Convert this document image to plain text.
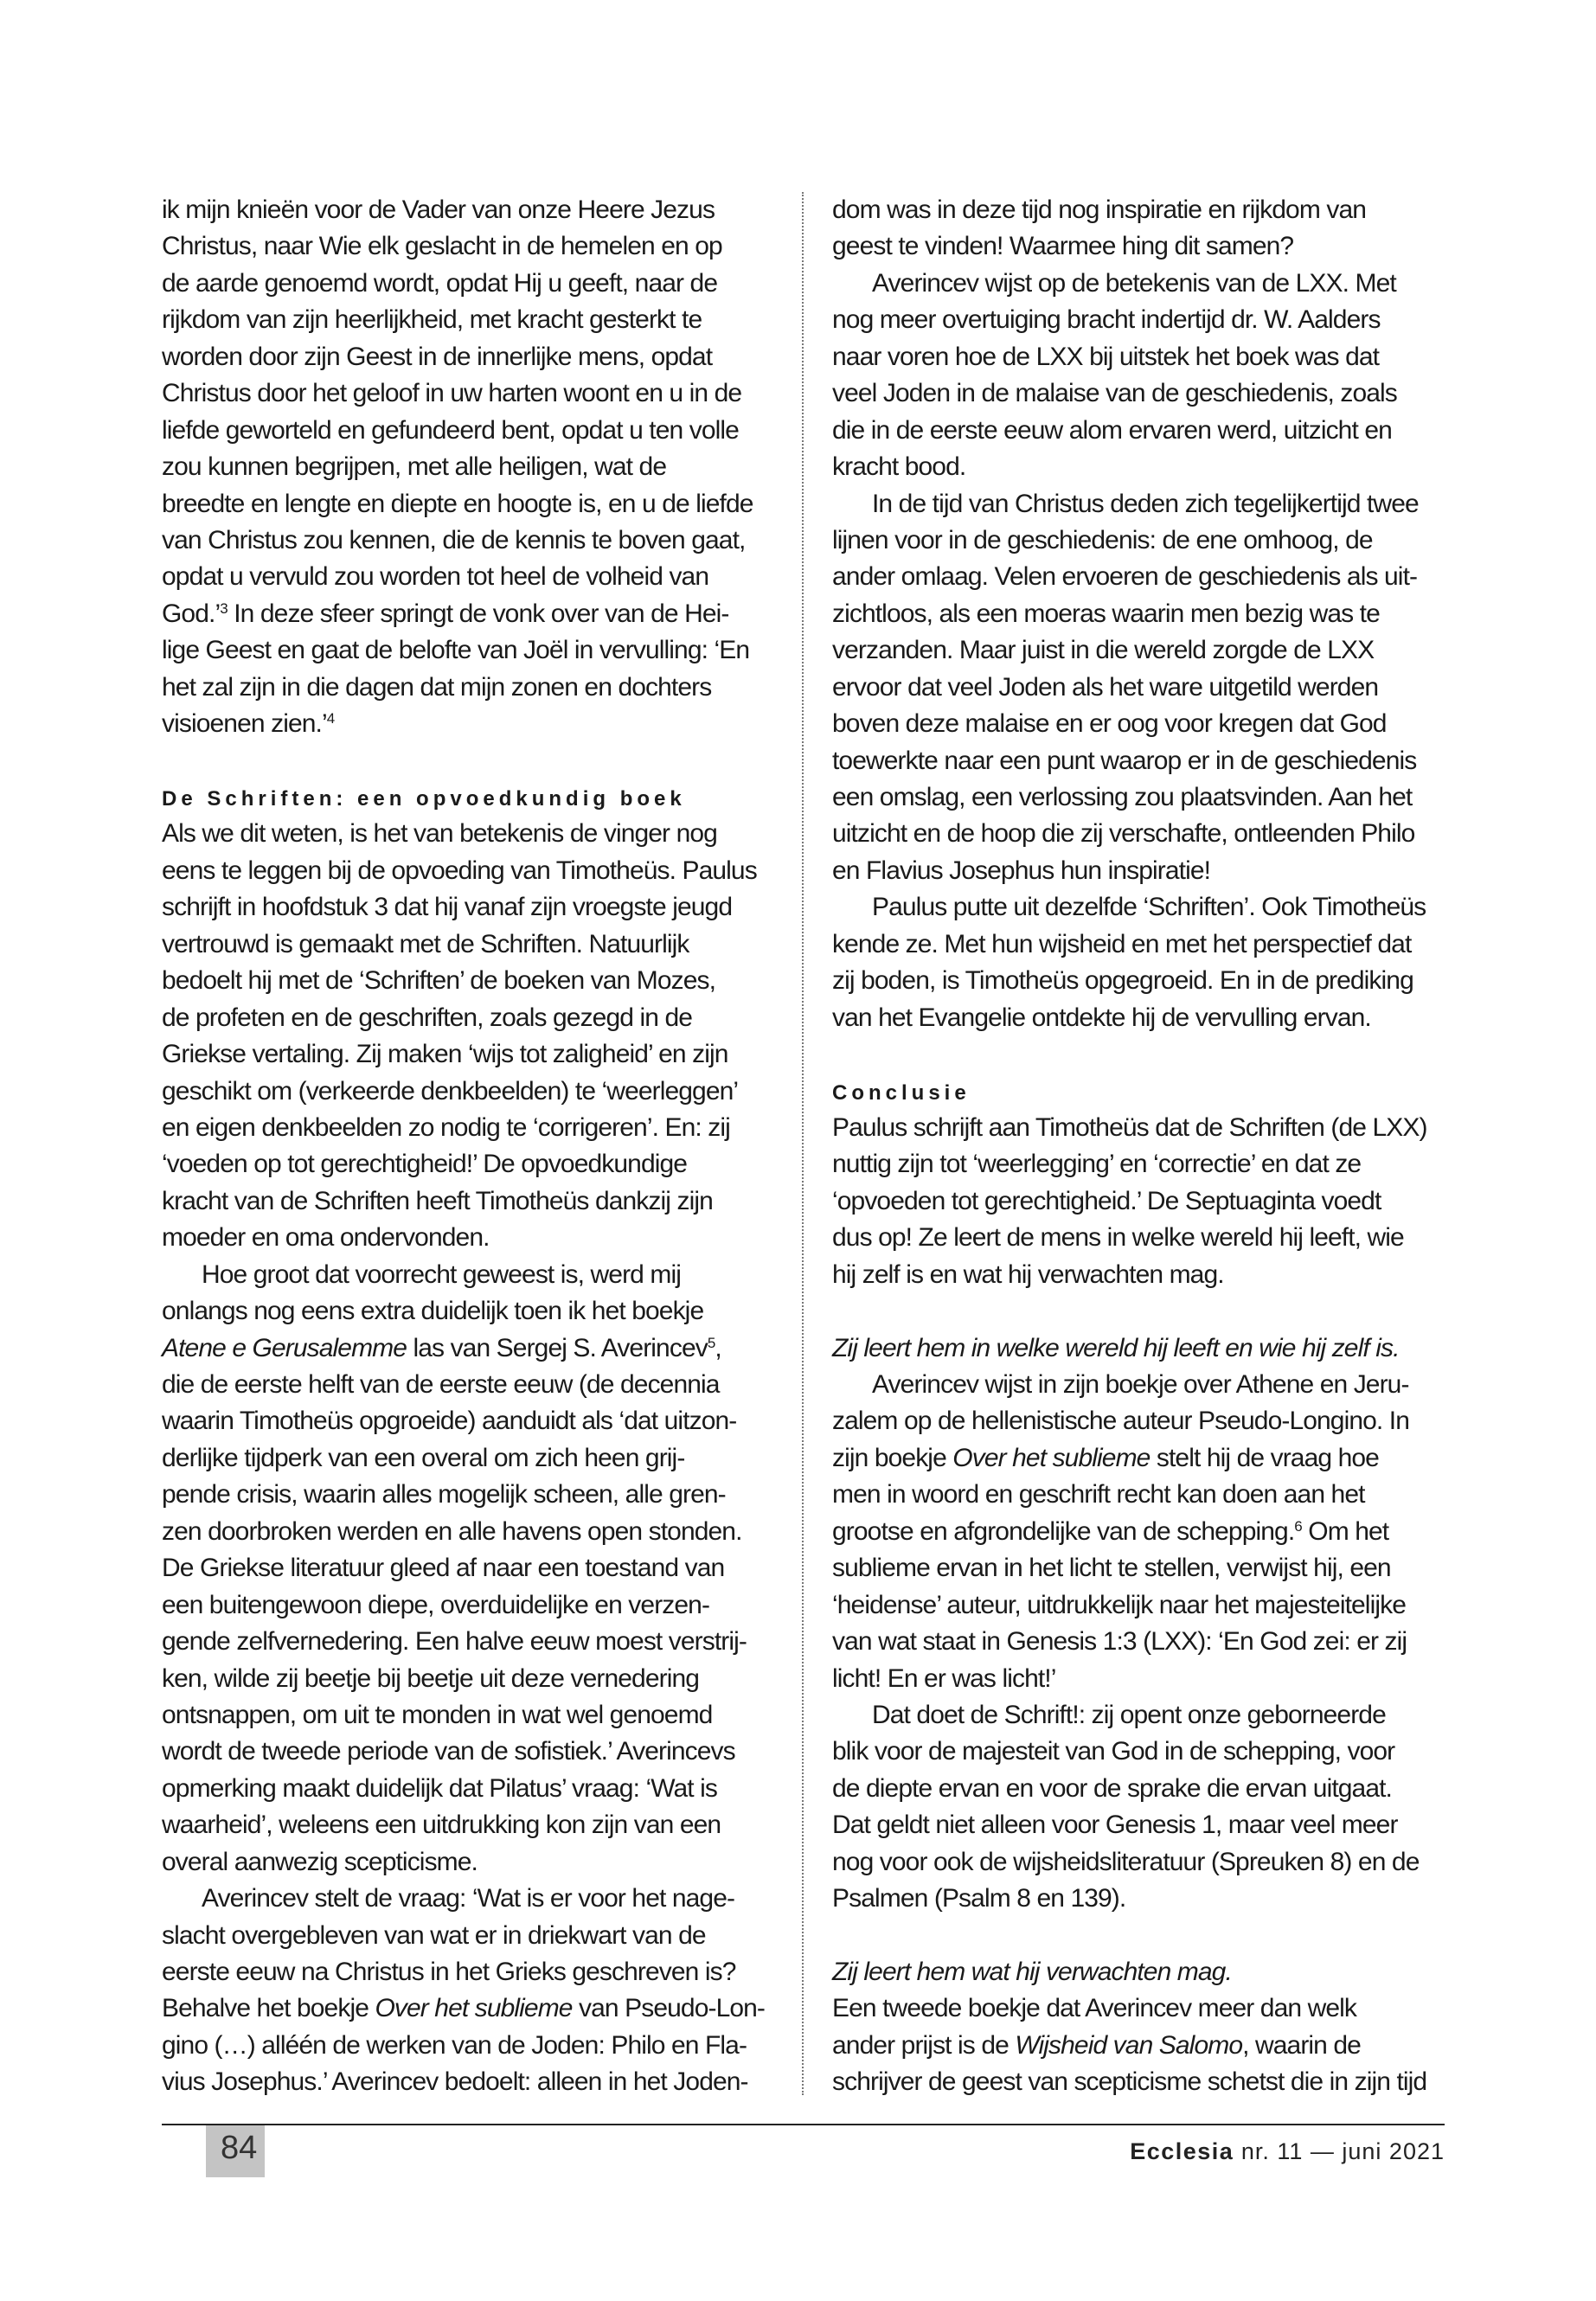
ik mijn knieën voor de Vader van onze Heere Jezus
Christus, naar Wie elk geslacht in de hemelen en op
de aarde genoemd wordt, opdat Hij u geeft, naar de
rijkdom van zijn heerlijkheid, met kracht gesterkt te
worden door zijn Geest in de innerlijke mens, opdat
Christus door het geloof in uw harten woont en u in de
liefde geworteld en gefundeerd bent, opdat u ten volle
zou kunnen begrijpen, met alle heiligen, wat de
breedte en lengte en diepte en hoogte is, en u de liefde
van Christus zou kennen, die de kennis te boven gaat,
opdat u vervuld zou worden tot heel de volheid van
God.’$^3$ In deze sfeer springt de vonk over van de Hei-
lige Geest en gaat de belofte van Joël in vervulling: ‘En
het zal zijn in die dagen dat mijn zonen en dochters
visioenen zien.’$^4$
De Schriften: een opvoedkundig boek
Als we dit weten, is het van betekenis de vinger nog
eens te leggen bij de opvoeding van Timotheüs. Paulus
schrijft in hoofdstuk 3 dat hij vanaf zijn vroegste jeugd
vertrouwd is gemaakt met de Schriften. Natuurlijk
bedoelt hij met de ‘Schriften’ de boeken van Mozes,
de profeten en de geschriften, zoals gezegd in de
Griekse vertaling. Zij maken ‘wijs tot zaligheid’ en zijn
geschikt om (verkeerde denkbeelden) te ‘weerleggen’
en eigen denkbeelden zo nodig te ‘corrigeren’. En: zij
‘voeden op tot gerechtigheid!’ De opvoedkundige
kracht van de Schriften heeft Timotheüs dankzij zijn
moeder en oma ondervonden.
Hoe groot dat voorrecht geweest is, werd mij
onlangs nog eens extra duidelijk toen ik het boekje
Atene e Gerusalemme las van Sergej S. Averincev$^5$,
die de eerste helft van de eerste eeuw (de decennia
waarin Timotheüs opgroeide) aanduidt als ‘dat uitzon-
derlijke tijdperk van een overal om zich heen grij-
pende crisis, waarin alles mogelijk scheen, alle gren-
zen doorbroken werden en alle havens open stonden.
De Griekse literatuur gleed af naar een toestand van
een buitengewoon diepe, overduidelijke en verzen-
gende zelfvernedering. Een halve eeuw moest verstrij-
ken, wilde zij beetje bij beetje uit deze vernedering
ontsnappen, om uit te monden in wat wel genoemd
wordt de tweede periode van de sofistiek.’ Averincevs
opmerking maakt duidelijk dat Pilatus’ vraag: ‘Wat is
waarheid’, weleens een uitdrukking kon zijn van een
overal aanwezig scepticisme.
Averincev stelt de vraag: ‘Wat is er voor het nage-
slacht overgebleven van wat er in driekwart van de
eerste eeuw na Christus in het Grieks geschreven is?
Behalve het boekje Over het sublieme van Pseudo-Lon-
gino (…) alléén de werken van de Joden: Philo en Fla-
vius Josephus.’ Averincev bedoelt: alleen in het Joden-
dom was in deze tijd nog inspiratie en rijkdom van
geest te vinden! Waarmee hing dit samen?
Averincev wijst op de betekenis van de LXX. Met
nog meer overtuiging bracht indertijd dr. W. Aalders
naar voren hoe de LXX bij uitstek het boek was dat
veel Joden in de malaise van de geschiedenis, zoals
die in de eerste eeuw alom ervaren werd, uitzicht en
kracht bood.
In de tijd van Christus deden zich tegelijkertijd twee
lijnen voor in de geschiedenis: de ene omhoog, de
ander omlaag. Velen ervoeren de geschiedenis als uit-
zichtloos, als een moeras waarin men bezig was te
verzanden. Maar juist in die wereld zorgde de LXX
ervoor dat veel Joden als het ware uitgetild werden
boven deze malaise en er oog voor kregen dat God
toewerkte naar een punt waarop er in de geschiedenis
een omslag, een verlossing zou plaatsvinden. Aan het
uitzicht en de hoop die zij verschafte, ontleenden Philo
en Flavius Josephus hun inspiratie!
Paulus putte uit dezelfde ‘Schriften’. Ook Timotheüs
kende ze. Met hun wijsheid en met het perspectief dat
zij boden, is Timotheüs opgegroeid. En in de prediking
van het Evangelie ontdekte hij de vervulling ervan.
Conclusie
Paulus schrijft aan Timotheüs dat de Schriften (de LXX)
nuttig zijn tot ‘weerlegging’ en ‘correctie’ en dat ze
‘opvoeden tot gerechtigheid.’ De Septuaginta voedt
dus op! Ze leert de mens in welke wereld hij leeft, wie
hij zelf is en wat hij verwachten mag.
Zij leert hem in welke wereld hij leeft en wie hij zelf is.
Averincev wijst in zijn boekje over Athene en Jeru-
zalem op de hellenistische auteur Pseudo-Longino. In
zijn boekje Over het sublieme stelt hij de vraag hoe
men in woord en geschrift recht kan doen aan het
grootse en afgrondelijke van de schepping.$^6$ Om het
sublieme ervan in het licht te stellen, verwijst hij, een
‘heidense’ auteur, uitdrukkelijk naar het majesteitelijke
van wat staat in Genesis 1:3 (LXX): ‘En God zei: er zij
licht! En er was licht!’
Dat doet de Schrift!: zij opent onze geborneerde
blik voor de majesteit van God in de schepping, voor
de diepte ervan en voor de sprake die ervan uitgaat.
Dat geldt niet alleen voor Genesis 1, maar veel meer
nog voor ook de wijsheidsliteratuur (Spreuken 8) en de
Psalmen (Psalm 8 en 139).
Zij leert hem wat hij verwachten mag.
Een tweede boekje dat Averincev meer dan welk
ander prijst is de Wijsheid van Salomo, waarin de
schrijver de geest van scepticisme schetst die in zijn tijd
84	Ecclesia nr. 11 — juni 2021
